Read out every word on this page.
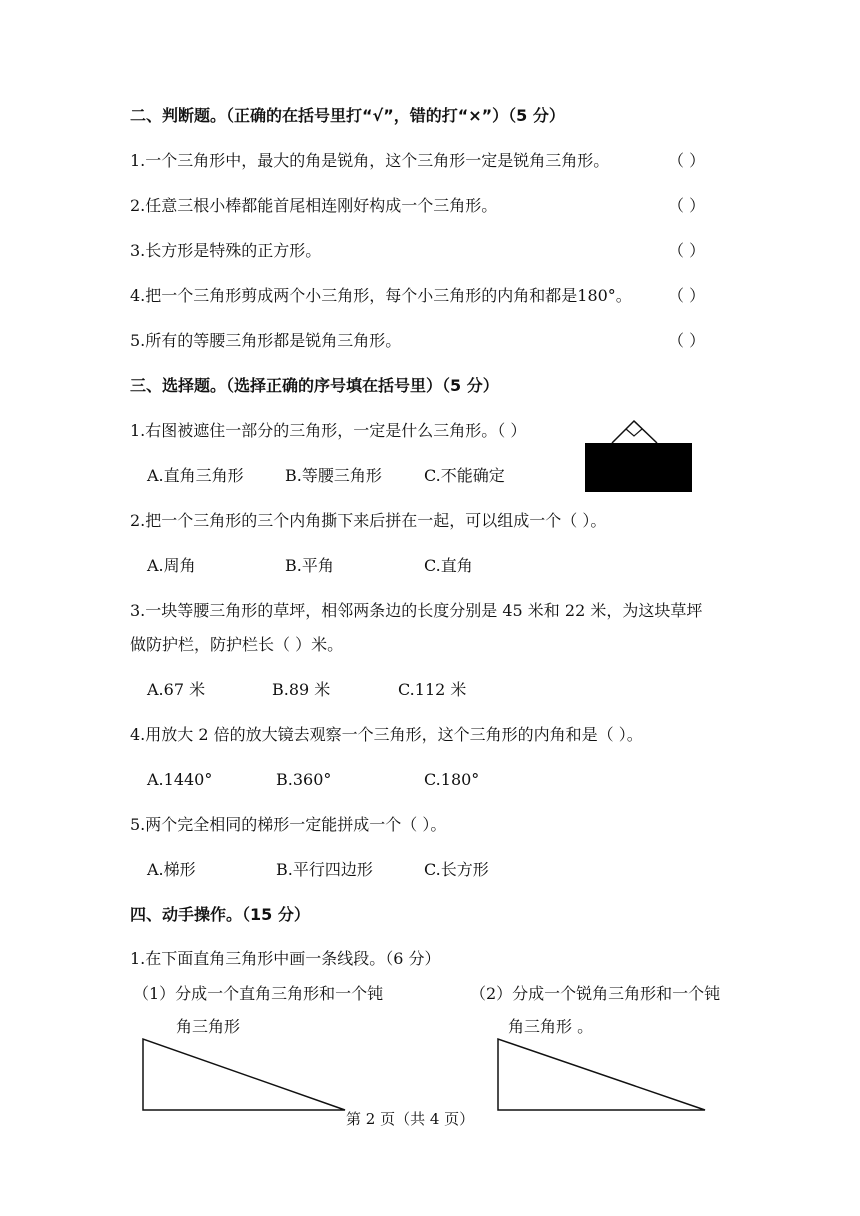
二、判断题。（正确的在括号里打“√”，错的打“×”）（5 分）
1.一个三角形中，最大的角是锐角，这个三角形一定是锐角三角形。	（ ）
2.任意三根小棒都能首尾相连刚好构成一个三角形。	（ ）
3.长方形是特殊的正方形。	（ ）
4.把一个三角形剪成两个小三角形，每个小三角形的内角和都是180°。 （ ）
5.所有的等腰三角形都是锐角三角形。	（ ）
三、选择题。（选择正确的序号填在括号里）（5 分）
1.右图被遮住一部分的三角形，一定是什么三角形。（ ）
A.直角三角形	B.等腰三角形	C.不能确定
2.把一个三角形的三个内角撕下来后拼在一起，可以组成一个（ ）。
A.周角	B.平角	C.直角
3.一块等腰三角形的草坪，相邻两条边的长度分别是 45 米和 22 米，为这块草坪
做防护栏，防护栏长（ ）米。
A.67 米	B.89 米	C.112 米
4.用放大 2 倍的放大镜去观察一个三角形，这个三角形的内角和是（ ）。
A.1440°	B.360°	C.180°
5.两个完全相同的梯形一定能拼成一个（ ）。
A.梯形	B.平行四边形	C.长方形
四、动手操作。（15 分）
1.在下面直角三角形中画一条线段。（6 分）
（1）分成一个直角三角形和一个钝
角三角形
（2）分成一个锐角三角形和一个钝
角三角形 。
第 2 页（共 4 页）
